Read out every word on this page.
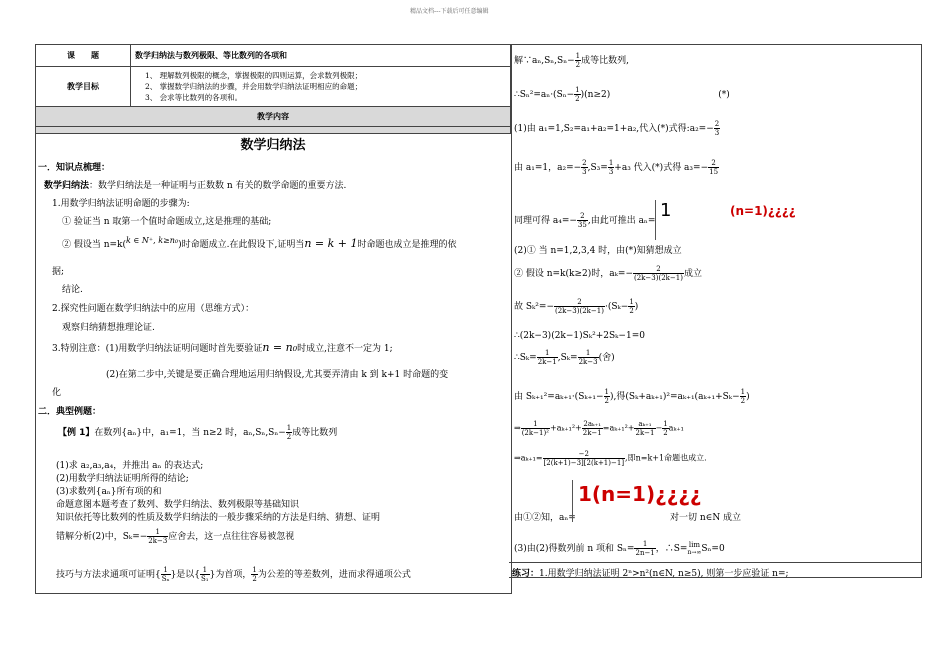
精品文档---下载后可任意编辑
课　　题	数学归纳法与数列极限、等比数列的各项和
教学目标	1、 理解数列极限的概念，掌握极限的四则运算，会求数列极限；
2、 掌握数学归纳法的步骤，并会用数学归纳法证明相应的命题；
3、 会求等比数列的各项和。

教学内容	

数学归纳法
一．知识点梳理：
数学归纳法：数学归纳法是一种证明与正数数 n 有关的数学命题的重要方法.
1.用数学归纳法证明命题的步骤为:
① 验证当 n 取第一个值时命题成立,这是推理的基础;
② 假设当 n=k(k ∈ N⁺, k≥n₀)时命题成立.在此假设下,证明当n = k + 1时命题也成立是推理的依
据;
结论.
2.探究性问题在数学归纳法中的应用（思维方式）：
观察归纳猜想推理论证.
3.特别注意：(1)用数学归纳法证明问题时首先要验证n = n₀时成立,注意不一定为 1;
(2)在第二步中,关键是要正确合理地运用归纳假设,尤其要弄清由 k 到 k+1 时命题的变
化
二．典型例题：
【例 1】在数列{aₙ}中，a₁=1，当 n≥2 时，$a_n,S_n,S_n- \frac{1}{2}$ 成等比数列
(1)求 a₂,a₃,a₄，并推出 aₙ 的表达式;
(2)用数学归纳法证明所得的结论;
(3)求数列{aₙ}所有项的和
命题意图本题考查了数列、数学归纳法、数列极限等基础知识
知识依托等比数列的性质及数学归纳法的一般步骤采纳的方法是归纳、猜想、证明
错解分析(2)中，$S_k=- \frac{1}{2k-3}$ 应舍去，这一点往往容易被忽视
技巧与方法求通项可证明{ $\frac{1}{\text{Sₙ}}$ }是以{ $\frac{1}{\text{S₁}}$ }为首项， $\frac{1}{2}$ 为公差的等差数列，进而求得通项公式
解∵aₙ,Sₙ,Sₙ− $\frac{1}{2}$ 成等比数列,
∴Sₙ²=aₙ·(Sₙ− $\frac{1}{2} )(n\ge 2)$	(*)
(1)由 a₁=1,S₂=a₁+a₂=1+a₂,代入(*)式得:a₂=− $\frac{2}{3}$
由 a₁=1，$a_2=- \frac{2}{3} ,S_3= \frac{1}{3} +a_3$ 代入(*)式得 $a_3=- \frac{2}{15}$
同理可得 $a_4=- \frac{2}{35}$ ,由此可推出 aₙ= 1	(n=1)¿¿¿¿
(2)① 当 n=1,2,3,4 时，由(*)知猜想成立
② 假设 n=k(k≥2)时，$a_k=- \frac{2}{(2k-3)(2k-1)}$ 成立
故 $S_k^2=- \frac{2}{(2k-3)(2k-1)} \cdot(S_k- \frac{1}{2}$ )
∴(2k−3)(2k−1)Sₖ²+2Sₖ−1=0
∴Sₖ= $\frac{1}{2k-1} ,S_k= \frac{1}{2k-3}$ (舍)
由 $S_{k+1}^2=a_{k+1}\cdot(S_{k+1}- \frac{1}{2}$ ),得$(S_k+a_{k+1})^2=a_{k+1}(a_{k+1}+S_k- \frac{1}{2}$ )
⇒ $\frac{1}{\text{(2k−1)²}} +a_{k+1}^2+ \frac{\text{2aₖ₊₁}}{2k-1} =a_{k+1}^2+ \frac{\text{aₖ₊₁}}{2k-1} - \frac{1}{2} a_{k+1}$
⇒aₖ₊₁= $\frac{-2}{[2(k+1)-3][2(k+1)-1]}$ ,即n=k+1命题也成立.
由①②知，aₙ=
1(n=1)¿¿¿¿
对一切 n∈N 成立
(3)由(2)得数列前 n 项和 $S_n= \frac{1}{2n-1}$ ，∴S= lim
n→∞ Sₙ=0
练习：1.用数学归纳法证明 2ⁿ>n²(n∈N, n≥5), 则第一步应验证 n=;
